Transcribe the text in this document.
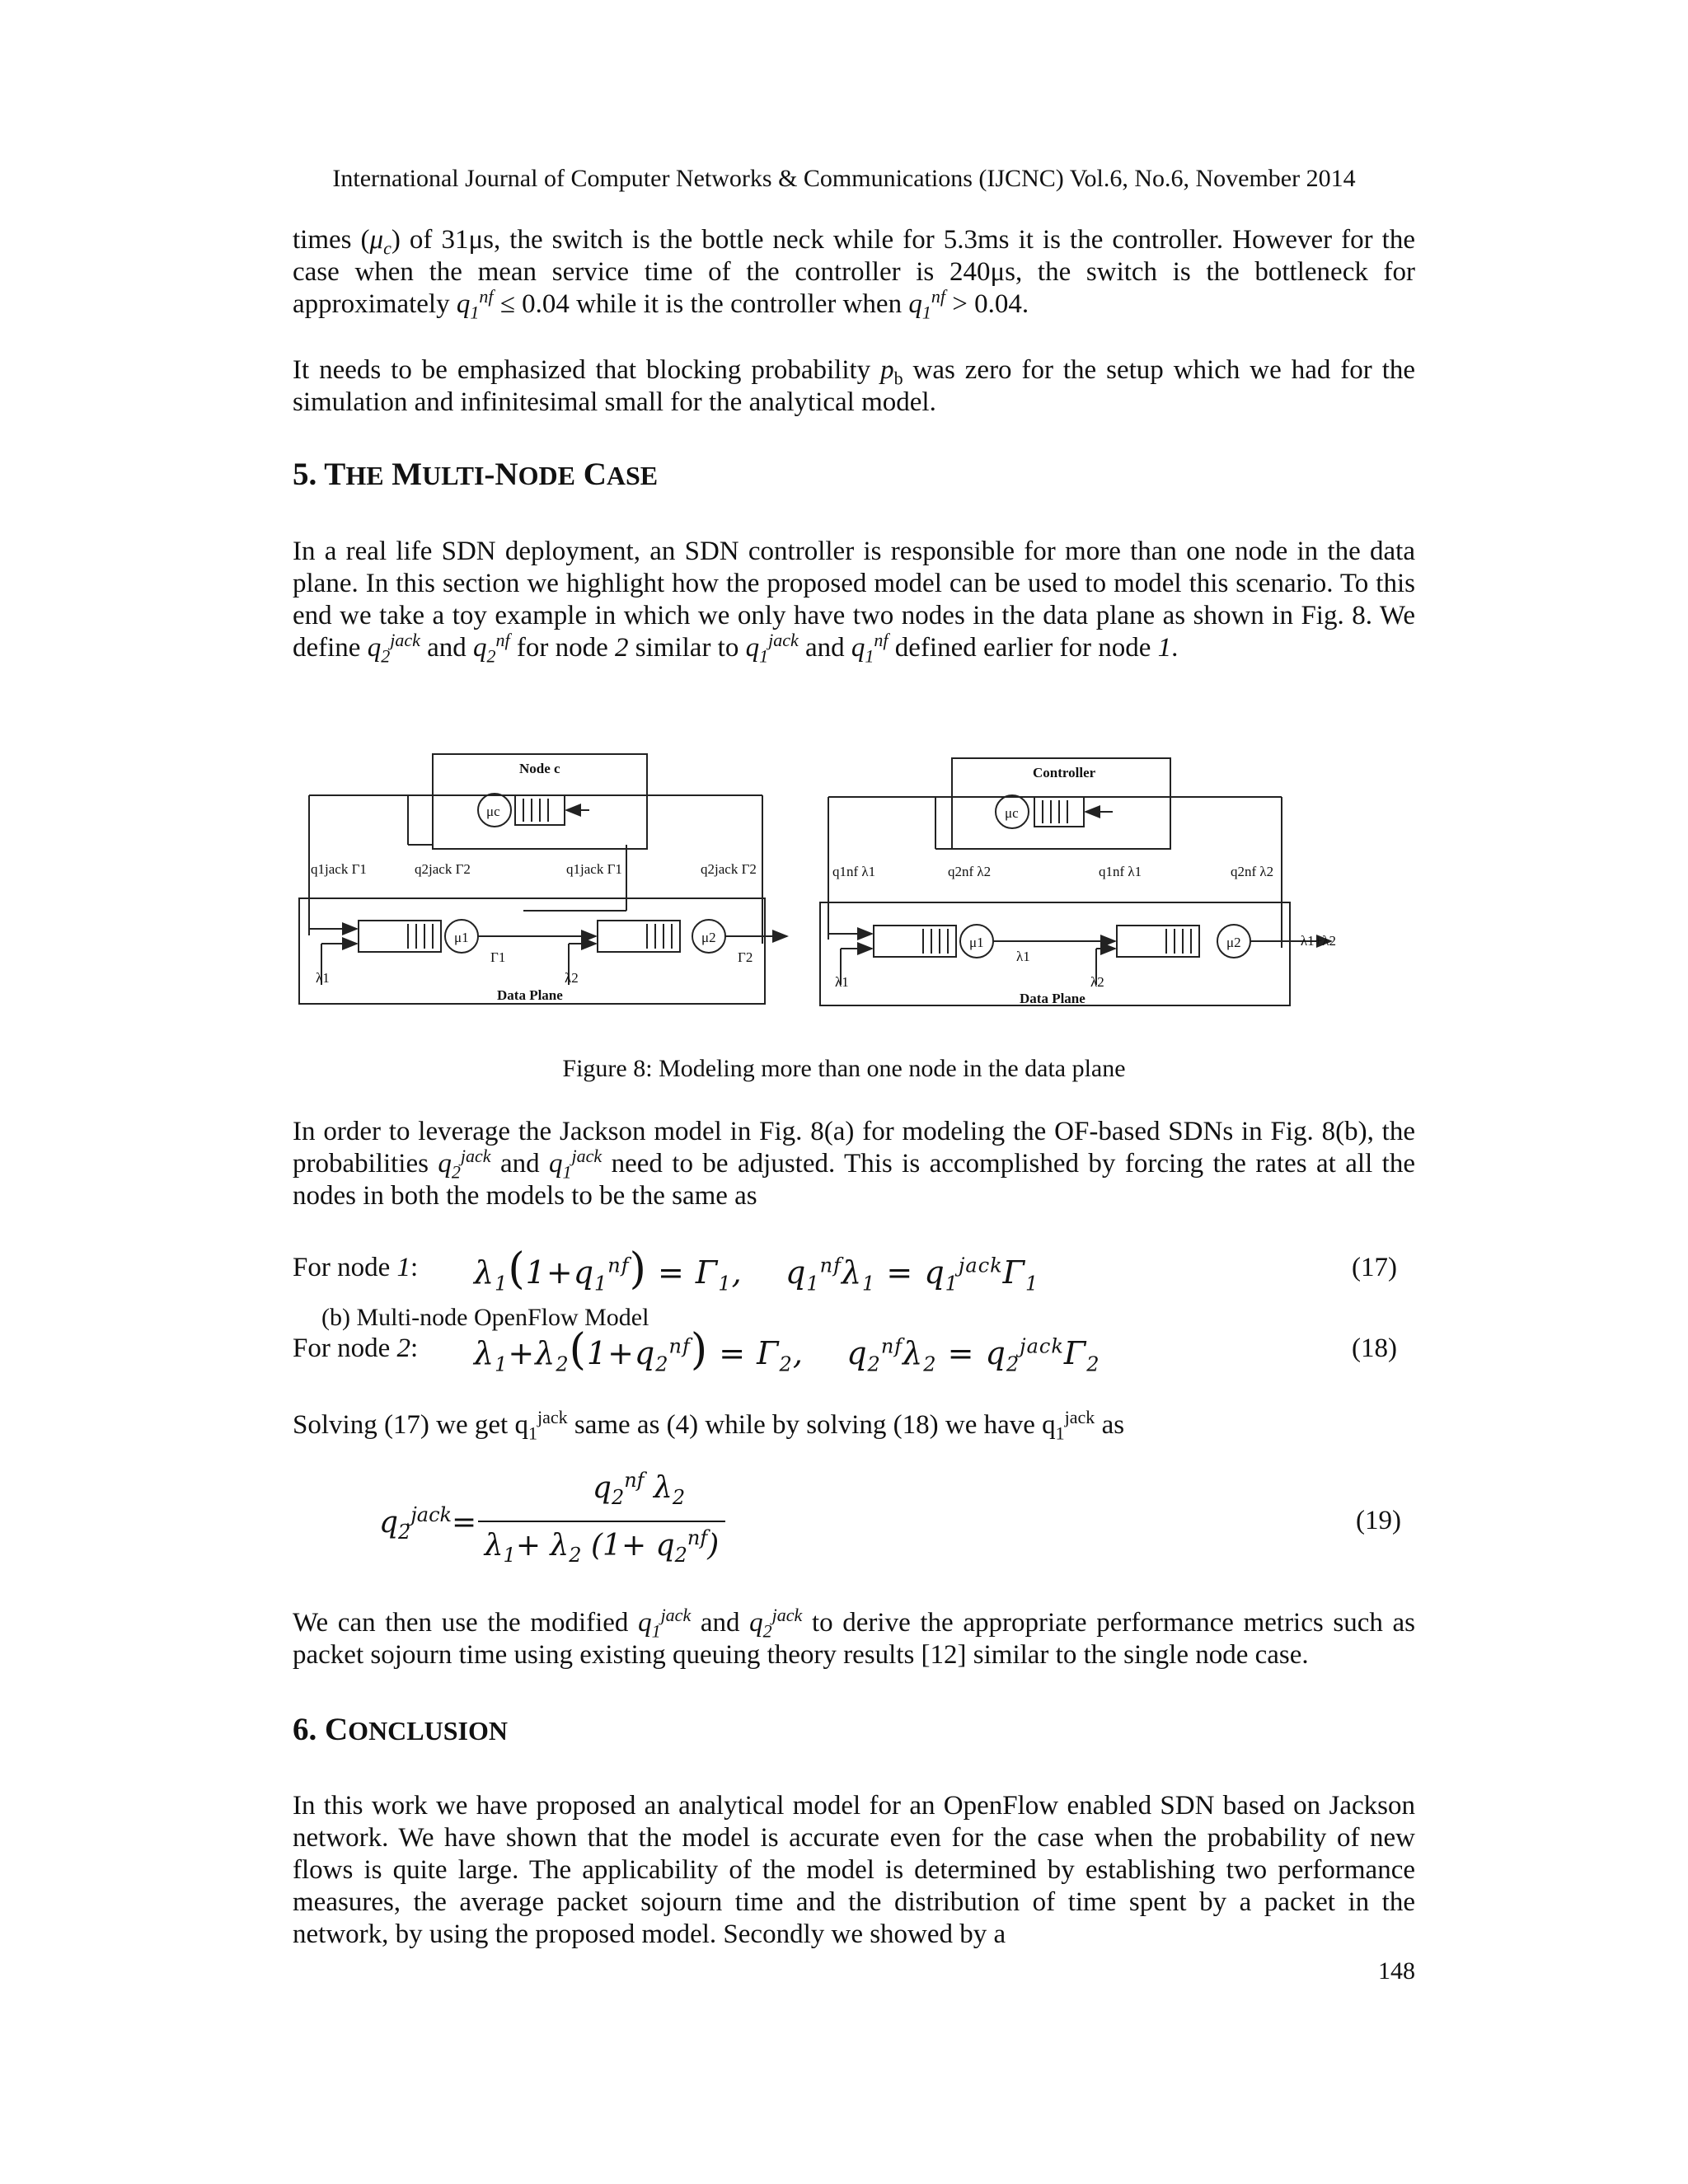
International Journal of Computer Networks & Communications (IJCNC) Vol.6, No.6, November 2014
times $(\mu_c)$ of 31μs, the switch is the bottle neck while for 5.3ms it is the controller. However for the case when the mean service time of the controller is 240μs, the switch is the bottleneck for approximately $q_1^{nf} \le 0.04$ while it is the controller when $q_1^{nf} > 0.04$.
It needs to be emphasized that blocking probability $p_b$ was zero for the setup which we had for the simulation and infinitesimal small for the analytical model.
5. THE MULTI-NODE CASE
In a real life SDN deployment, an SDN controller is responsible for more than one node in the data plane. In this section we highlight how the proposed model can be used to model this scenario. To this end we take a toy example in which we only have two nodes in the data plane as shown in Fig. 8. We define $q_2^{jack}$ and $q_2^{nf}$ for node 2 similar to $q_1^{jack}$ and $q_1^{nf}$ defined earlier for node 1.
Node c
μc
q1jack Γ1	q2jack Γ2	q1jack Γ1	q2jack Γ2
μ1	μ2
Γ1	Γ2
λ1	λ2
Data Plane
Controller
μc
q1nf λ1	q2nf λ2	q1nf λ1	q2nf λ2
μ1	μ2
λ1
λ1+λ2
λ1	λ2
Data Plane
Figure 8: Modeling more than one node in the data plane
In order to leverage the Jackson model in Fig. 8(a) for modeling the OF-based SDNs in Fig. 8(b), the probabilities $q_2^{jack}$ and $q_1^{jack}$ need to be adjusted. This is accomplished by forcing the rates at all the nodes in both the models to be the same as
For node 1: $\lambda_1(1+q_1^{nf}) = \Gamma_1$,    $q_1^{nf}\lambda_1 = q_1^{jack}\Gamma_1$
(17)
(b) Multi-node OpenFlow Model
For node 2: $\lambda_1+\lambda_2(1+q_2^{nf}) = \Gamma_2$,    $q_2^{nf}\lambda_2 = q_2^{jack}\Gamma_2$
(18)
Solving (17) we get $q_1^{jack}$ same as (4) while by solving (18) we have $q_1^{jack}$ as
$q_2^{jack}$ =
$q_2^{nf}$ $\lambda_2$
$\lambda_1+ \lambda_2$ $(1+ q_2^{nf})$
(19)
We can then use the modified $q_1^{jack}$ and $q_2^{jack}$ to derive the appropriate performance metrics such as packet sojourn time using existing queuing theory results [12] similar to the single node case.
6. CONCLUSION
In this work we have proposed an analytical model for an OpenFlow enabled SDN based on Jackson network. We have shown that the model is accurate even for the case when the probability of new flows is quite large. The applicability of the model is determined by establishing two performance measures, the average packet sojourn time and the distribution of time spent by a packet in the network, by using the proposed model. Secondly we showed by a
148
